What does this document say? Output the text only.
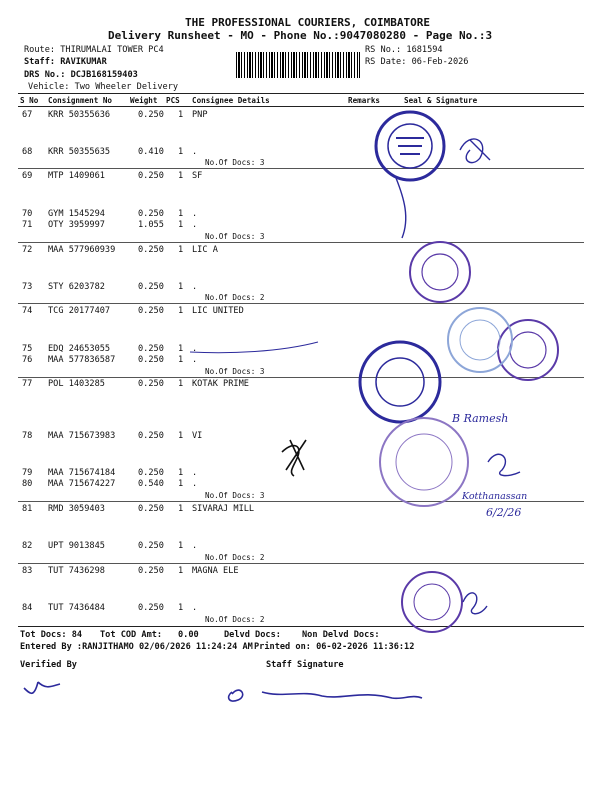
THE PROFESSIONAL COURIERS, COIMBATORE
Delivery Runsheet - MO - Phone No.:9047080280 - Page No.:3
Route: THIRUMALAI TOWER PC4
Staff: RAVIKUMAR
DRS No.: DCJB168159403
Vehicle: Two Wheeler Delivery
RS No.: 1681594
RS Date: 06-Feb-2026
S No Consignment No Weight PCS Consignee Details	Remarks	Seal & Signature
67 KRR 50355636	0.250 1 PNP
68 KRR 50355635	0.410 1 .
69 MTP 1409061	0.250 1 SF
70 GYM 1545294	0.250 1 .
71 OTY 3959997	1.055 1 .
72 MAA 577960939	0.250 1 LIC A
73 STY 6203782	0.250 1 .
74 TCG 20177407	0.250 1 LIC UNITED
75 EDQ 24653055	0.250 1 .
76 MAA 577836587	0.250 1 .
77 POL 1403285	0.250 1 KOTAK PRIME
78 MAA 715673983	0.250 1 VI
79 MAA 715674184	0.250 1 .
80 MAA 715674227	0.540 1 .
81 RMD 3059403	0.250 1 SIVARAJ MILL
82 UPT 9013845	0.250 1 .
83 TUT 7436298	0.250 1 MAGNA ELE
84 TUT 7436484	0.250 1 .
No.Of Docs: 3
No.Of Docs: 3
No.Of Docs: 2
No.Of Docs: 3
No.Of Docs: 3
No.Of Docs: 2
No.Of Docs: 2
Tot Docs: 84 Tot COD Amt: 0.00	Delvd Docs: Non Delvd Docs:
Entered By :RANJITHAMO 02/06/2026 11:24:24 AM Printed on: 06-02-2026 11:36:12
Verified By	Staff Signature
B Ramesh
Kotthanassan
6/2/26
